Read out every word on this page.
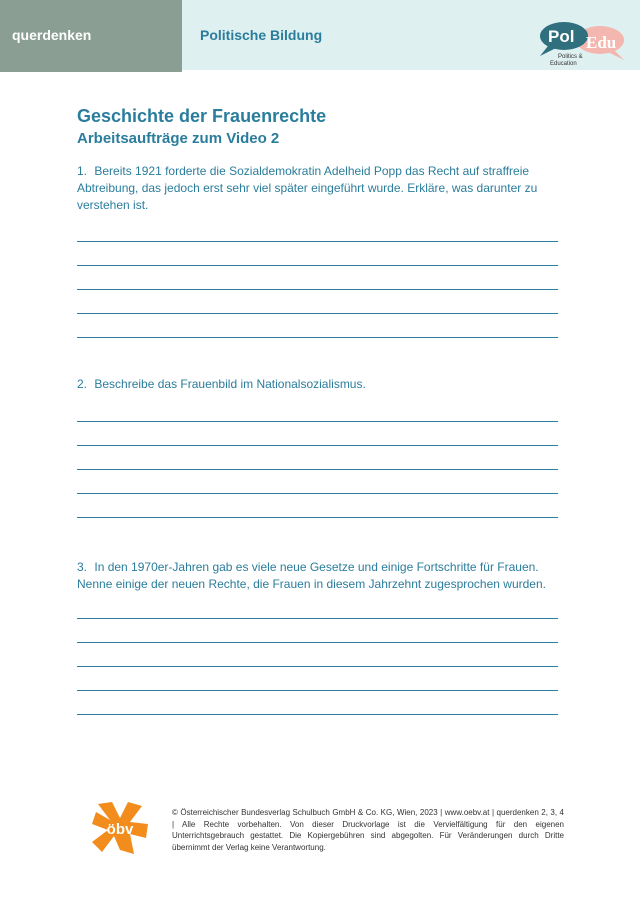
querdenken	Politische Bildung	Pol Edu
Politics &
Education
Geschichte der Frauenrechte
Arbeitsaufträge zum Video 2
1. Bereits 1921 forderte die Sozialdemokratin Adelheid Popp das Recht auf straffreie Abtreibung, das jedoch erst sehr viel später eingeführt wurde. Erkläre, was darunter zu verstehen ist.
2. Beschreibe das Frauenbild im Nationalsozialismus.
3. In den 1970er-Jahren gab es viele neue Gesetze und einige Fortschritte für Frauen. Nenne einige der neuen Rechte, die Frauen in diesem Jahrzehnt zugesprochen wurden.
öbv
© Österreichischer Bundesverlag Schulbuch GmbH & Co. KG, Wien, 2023 | www.oebv.at | querdenken 2, 3, 4 | Alle Rechte vorbehalten. Von dieser Druckvorlage ist die Vervielfältigung für den eigenen Unterrichtsgebrauch gestattet. Die Kopiergebühren sind abgegolten. Für Veränderungen durch Dritte übernimmt der Verlag keine Verantwortung.
